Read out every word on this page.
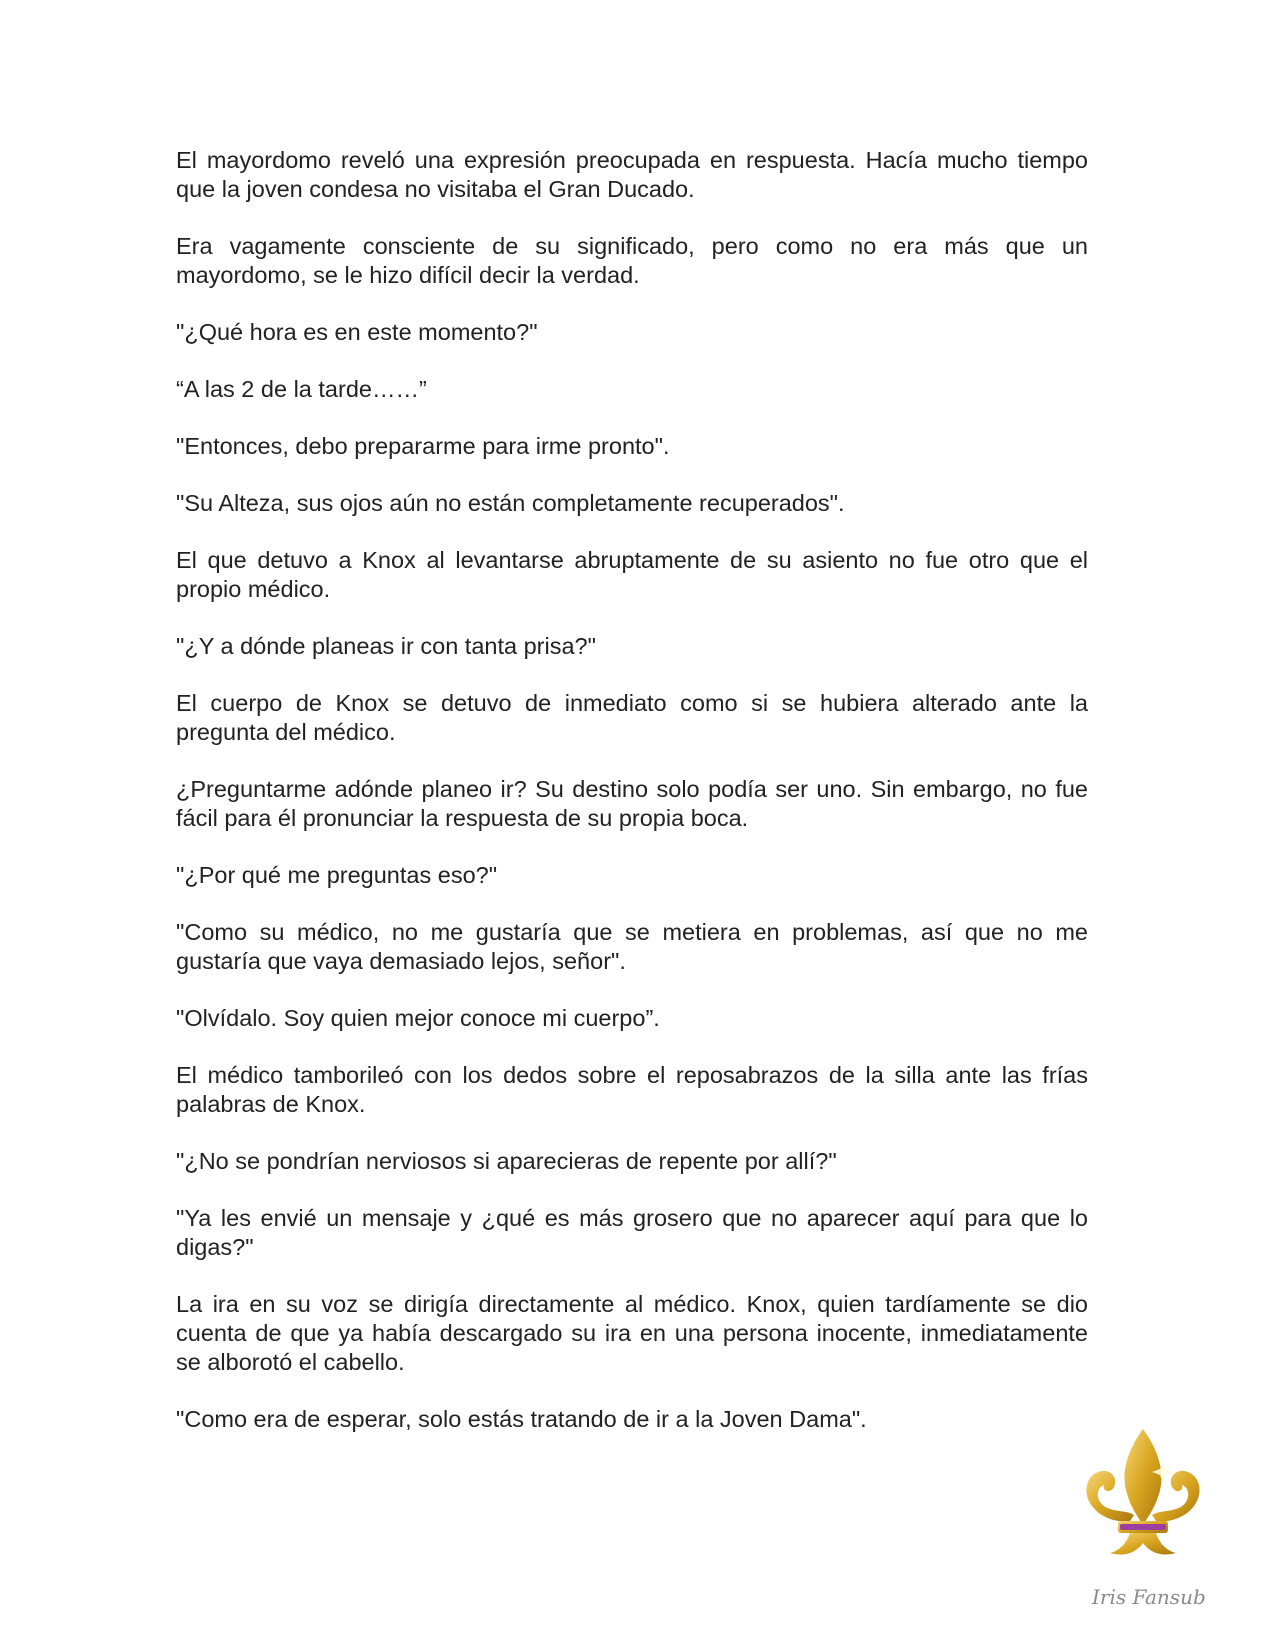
El mayordomo reveló una expresión preocupada en respuesta. Hacía mucho tiempo que la joven condesa no visitaba el Gran Ducado.

Era vagamente consciente de su significado, pero como no era más que un mayordomo, se le hizo difícil decir la verdad.

"¿Qué hora es en este momento?"

“A las 2 de la tarde……”

"Entonces, debo prepararme para irme pronto".

"Su Alteza, sus ojos aún no están completamente recuperados".

El que detuvo a Knox al levantarse abruptamente de su asiento no fue otro que el propio médico.

"¿Y a dónde planeas ir con tanta prisa?"

El cuerpo de Knox se detuvo de inmediato como si se hubiera alterado ante la pregunta del médico.

¿Preguntarme adónde planeo ir? Su destino solo podía ser uno. Sin embargo, no fue fácil para él pronunciar la respuesta de su propia boca.

"¿Por qué me preguntas eso?"

"Como su médico, no me gustaría que se metiera en problemas, así que no me gustaría que vaya demasiado lejos, señor".

"Olvídalo. Soy quien mejor conoce mi cuerpo”.

El médico tamborileó con los dedos sobre el reposabrazos de la silla ante las frías palabras de Knox.

"¿No se pondrían nerviosos si aparecieras de repente por allí?"

"Ya les envié un mensaje y ¿qué es más grosero que no aparecer aquí para que lo digas?"

La ira en su voz se dirigía directamente al médico. Knox, quien tardíamente se dio cuenta de que ya había descargado su ira en una persona inocente, inmediatamente se alborotó el cabello.

"Como era de esperar, solo estás tratando de ir a la Joven Dama".

Iris Fansub
